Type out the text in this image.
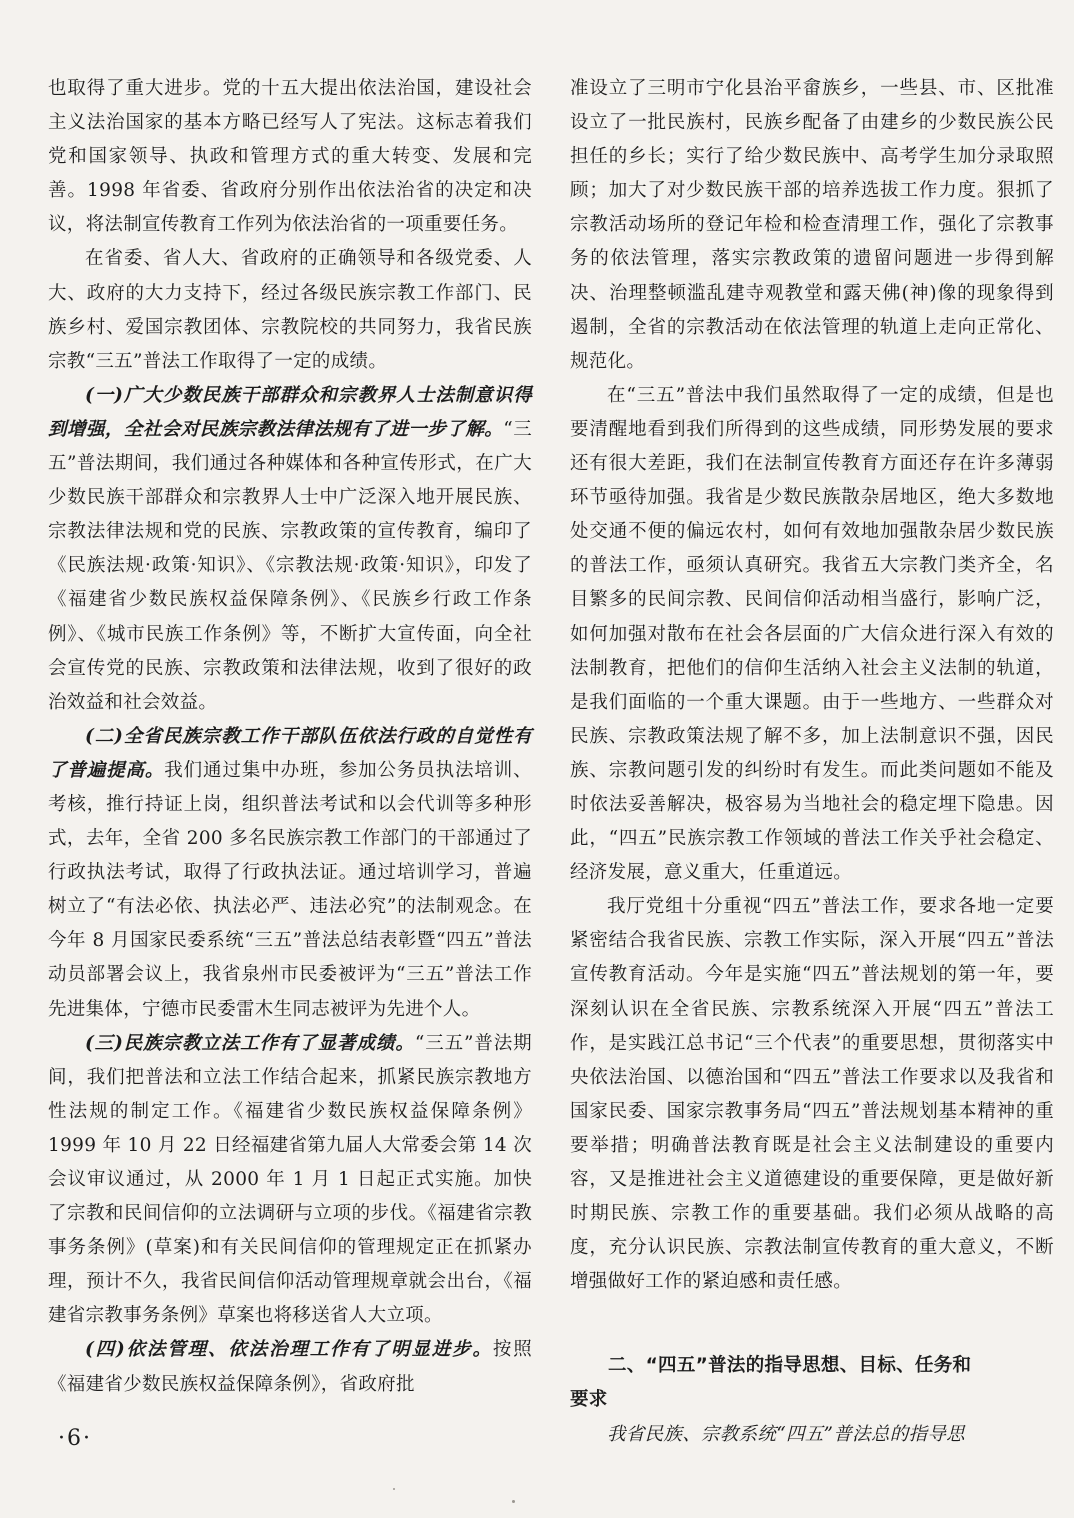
也取得了重大进步。党的十五大提出依法治国，建设社会主义法治国家的基本方略已经写人了宪法。这标志着我们党和国家领导、执政和管理方式的重大转变、发展和完善。1998 年省委、省政府分别作出依法治省的决定和决议，将法制宣传教育工作列为依法治省的一项重要任务。

在省委、省人大、省政府的正确领导和各级党委、人大、政府的大力支持下，经过各级民族宗教工作部门、民族乡村、爱国宗教团体、宗教院校的共同努力，我省民族宗教“三五”普法工作取得了一定的成绩。

(一)广大少数民族干部群众和宗教界人士法制意识得到增强，全社会对民族宗教法律法规有了进一步了解。“三五”普法期间，我们通过各种媒体和各种宣传形式，在广大少数民族干部群众和宗教界人士中广泛深入地开展民族、宗教法律法规和党的民族、宗教政策的宣传教育，编印了《民族法规·政策·知识》、《宗教法规·政策·知识》，印发了《福建省少数民族权益保障条例》、《民族乡行政工作条例》、《城市民族工作条例》等，不断扩大宣传面，向全社会宣传党的民族、宗教政策和法律法规，收到了很好的政治效益和社会效益。

(二)全省民族宗教工作干部队伍依法行政的自觉性有了普遍提高。我们通过集中办班，参加公务员执法培训、考核，推行持证上岗，组织普法考试和以会代训等多种形式，去年，全省 200 多名民族宗教工作部门的干部通过了行政执法考试，取得了行政执法证。通过培训学习，普遍树立了“有法必依、执法必严、违法必究”的法制观念。在今年 8 月国家民委系统“三五”普法总结表彰暨“四五”普法动员部署会议上，我省泉州市民委被评为“三五”普法工作先进集体，宁德市民委雷木生同志被评为先进个人。

(三)民族宗教立法工作有了显著成绩。“三五”普法期间，我们把普法和立法工作结合起来，抓紧民族宗教地方性法规的制定工作。《福建省少数民族权益保障条例》1999 年 10 月 22 日经福建省第九届人大常委会第 14 次会议审议通过，从 2000 年 1 月 1 日起正式实施。加快了宗教和民间信仰的立法调研与立项的步伐。《福建省宗教事务条例》(草案)和有关民间信仰的管理规定正在抓紧办理，预计不久，我省民间信仰活动管理规章就会出台，《福建省宗教事务条例》草案也将移送省人大立项。

(四)依法管理、依法治理工作有了明显进步。按照《福建省少数民族权益保障条例》，省政府批

准设立了三明市宁化县治平畲族乡，一些县、市、区批准设立了一批民族村，民族乡配备了由建乡的少数民族公民担任的乡长；实行了给少数民族中、高考学生加分录取照顾；加大了对少数民族干部的培养选拔工作力度。狠抓了宗教活动场所的登记年检和检查清理工作，强化了宗教事务的依法管理，落实宗教政策的遗留问题进一步得到解决、治理整顿滥乱建寺观教堂和露天佛(神)像的现象得到遏制，全省的宗教活动在依法管理的轨道上走向正常化、规范化。

在“三五”普法中我们虽然取得了一定的成绩，但是也要清醒地看到我们所得到的这些成绩，同形势发展的要求还有很大差距，我们在法制宣传教育方面还存在许多薄弱环节亟待加强。我省是少数民族散杂居地区，绝大多数地处交通不便的偏远农村，如何有效地加强散杂居少数民族的普法工作，亟须认真研究。我省五大宗教门类齐全，名目繁多的民间宗教、民间信仰活动相当盛行，影响广泛，如何加强对散布在社会各层面的广大信众进行深入有效的法制教育，把他们的信仰生活纳入社会主义法制的轨道，是我们面临的一个重大课题。由于一些地方、一些群众对民族、宗教政策法规了解不多，加上法制意识不强，因民族、宗教问题引发的纠纷时有发生。而此类问题如不能及时依法妥善解决，极容易为当地社会的稳定埋下隐患。因此，“四五”民族宗教工作领域的普法工作关乎社会稳定、经济发展，意义重大，任重道远。

我厅党组十分重视“四五”普法工作，要求各地一定要紧密结合我省民族、宗教工作实际，深入开展“四五”普法宣传教育活动。今年是实施“四五”普法规划的第一年，要深刻认识在全省民族、宗教系统深入开展“四五”普法工作，是实践江总书记“三个代表”的重要思想，贯彻落实中央依法治国、以德治国和“四五”普法工作要求以及我省和国家民委、国家宗教事务局“四五”普法规划基本精神的重要举措；明确普法教育既是社会主义法制建设的重要内容，又是推进社会主义道德建设的重要保障，更是做好新时期民族、宗教工作的重要基础。我们必须从战略的高度，充分认识民族、宗教法制宣传教育的重大意义，不断增强做好工作的紧迫感和责任感。

二、“四五”普法的指导思想、目标、任务和

要求

我省民族、宗教系统“四五”普法总的指导思

·6·
